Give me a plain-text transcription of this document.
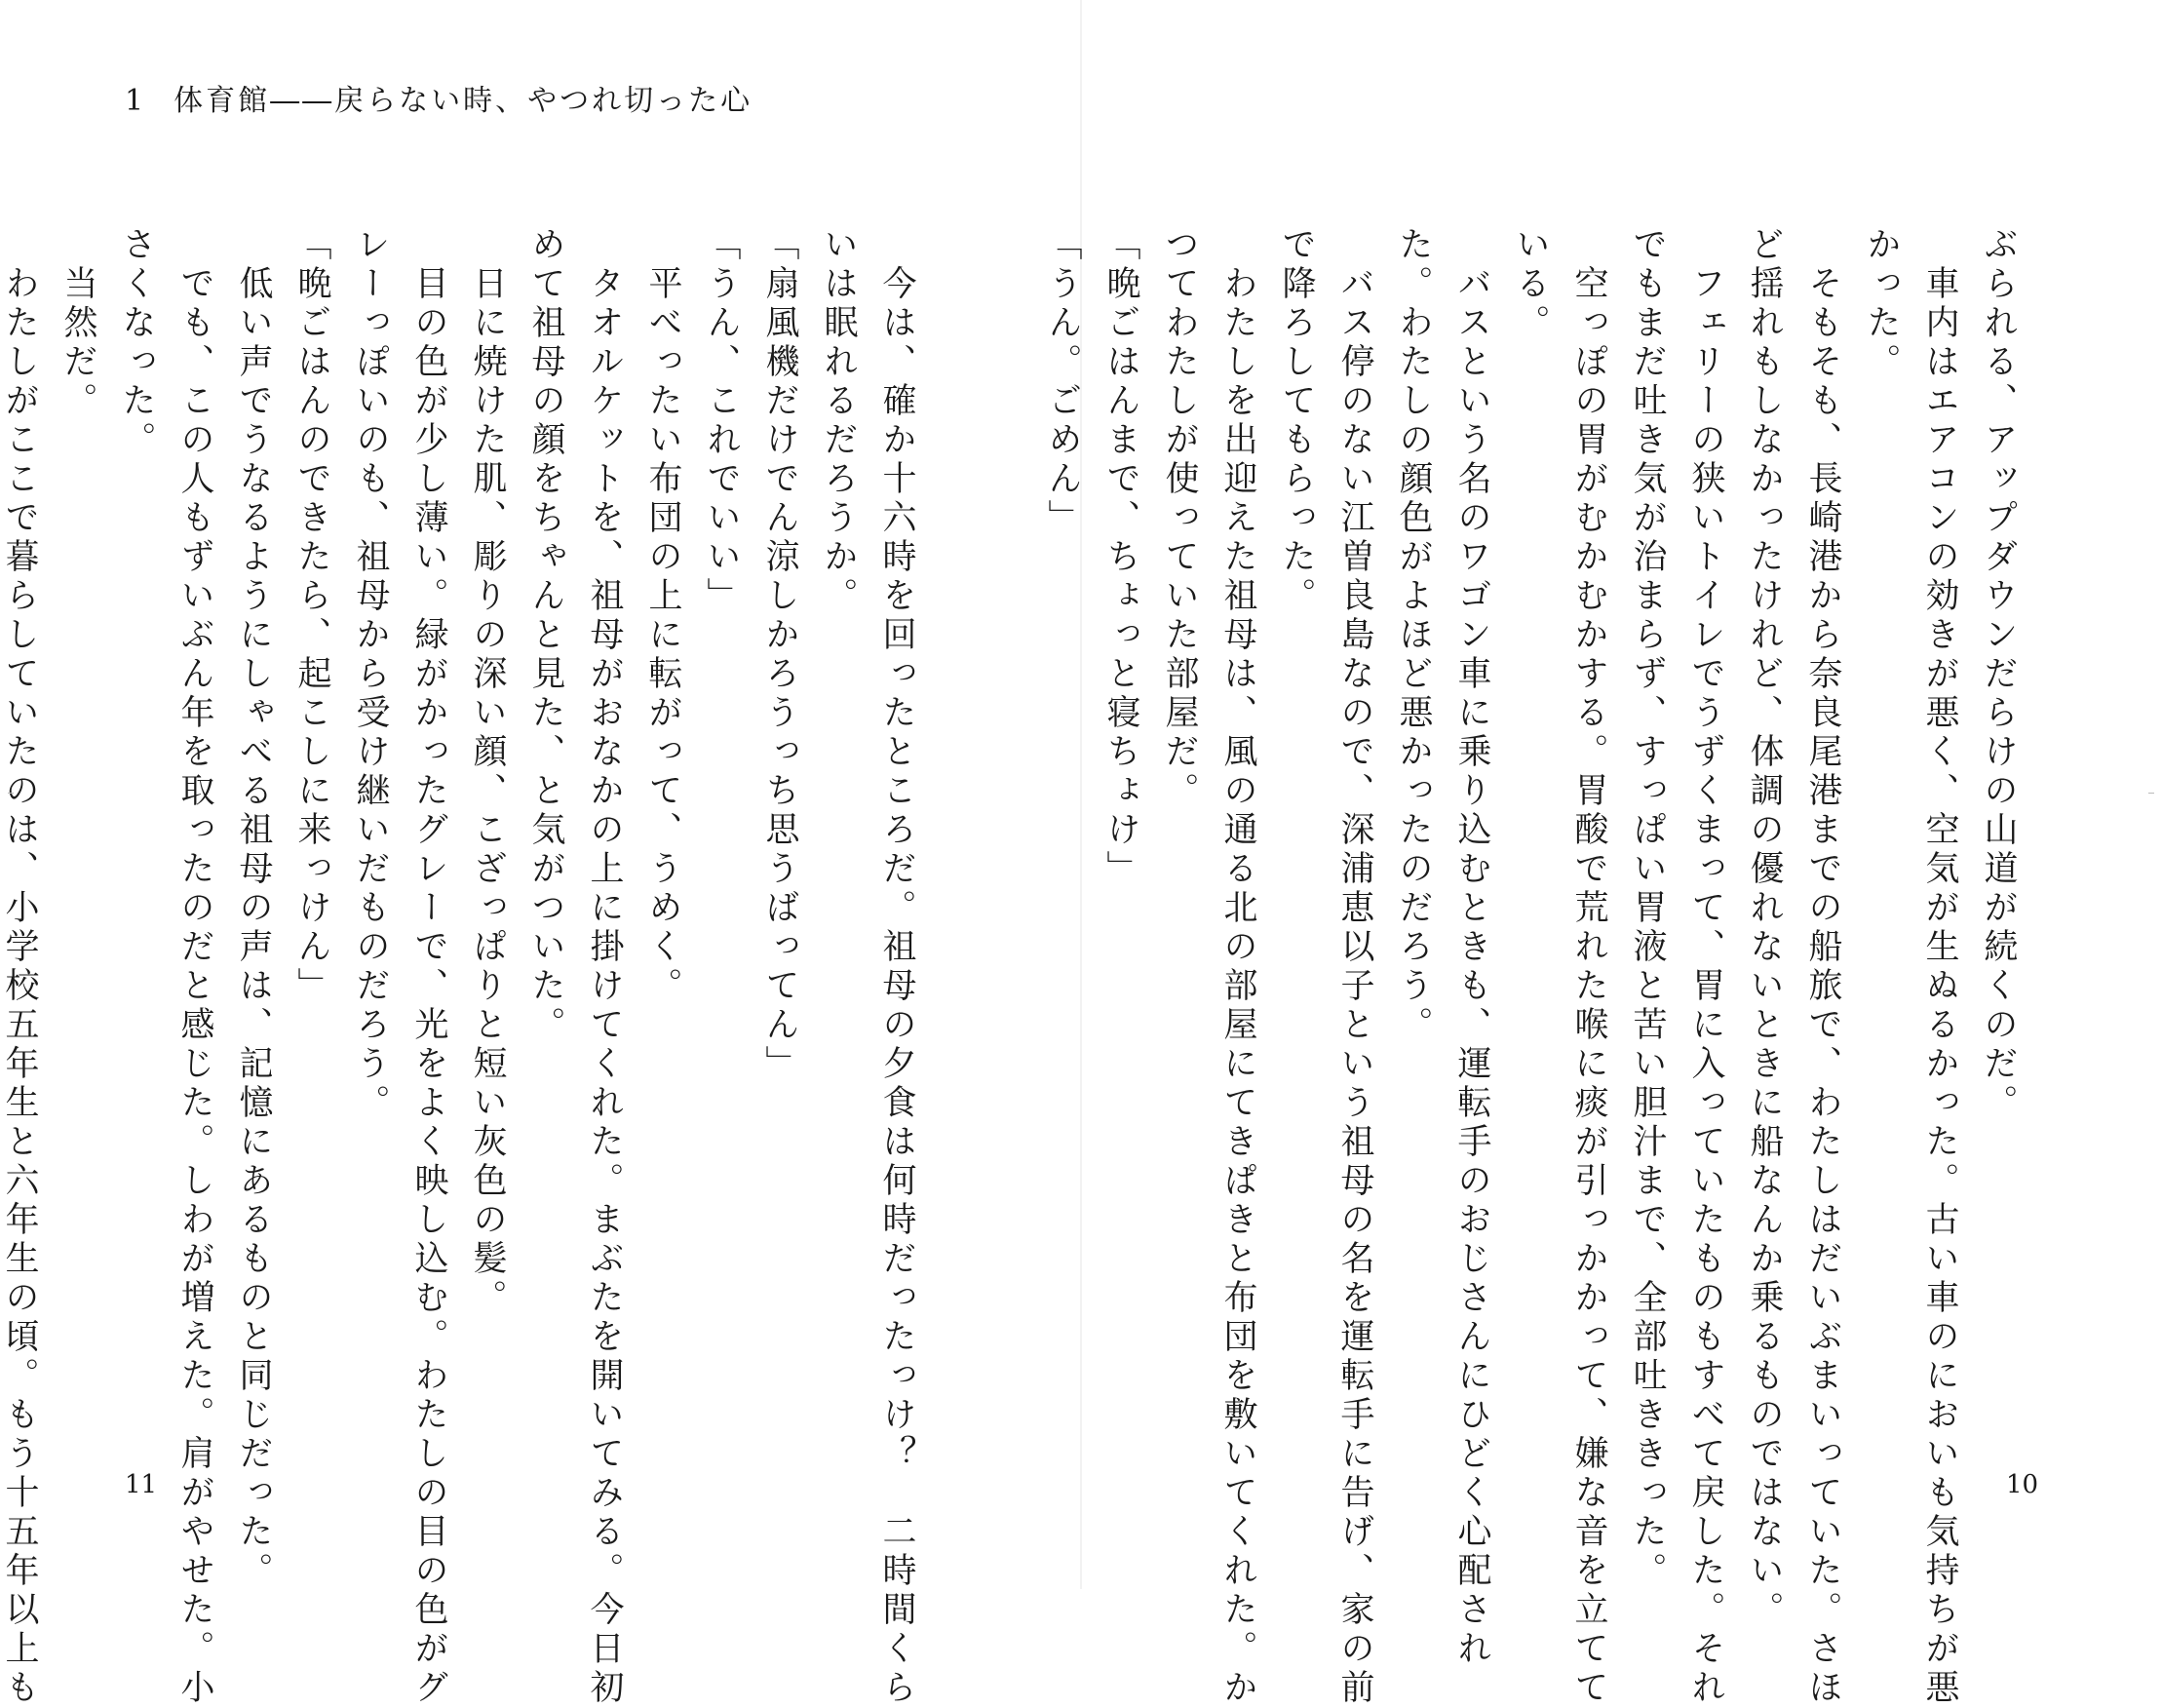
1 体育館――戻らない時、やつれ切った心
ぶられる、アップダウンだらけの山道が続くのだ。
　車内はエアコンの効きが悪く、空気が生ぬるかった。古い車のにおいも気持ちが悪
かった。
　そもそも、長崎港から奈良尾港までの船旅で、わたしはだいぶまいっていた。さほ
ど揺れもしなかったけれど、体調の優れないときに船なんか乗るものではない。
　フェリーの狭いトイレでうずくまって、胃に入っていたものもすべて戻した。それ
でもまだ吐き気が治まらず、すっぱい胃液と苦い胆汁まで、全部吐ききった。
　空っぽの胃がむかむかする。胃酸で荒れた喉に痰が引っかかって、嫌な音を立てて
いる。
　バスという名のワゴン車に乗り込むときも、運転手のおじさんにひどく心配され
た。わたしの顔色がよほど悪かったのだろう。
　バス停のない江曽良島なので、深浦恵以子という祖母の名を運転手に告げ、家の前
で降ろしてもらった。
　わたしを出迎えた祖母は、風の通る北の部屋にてきぱきと布団を敷いてくれた。か
つてわたしが使っていた部屋だ。
「晩ごはんまで、ちょっと寝ちょけ」
「うん。ごめん」
　今は、確か十六時を回ったところだ。祖母の夕食は何時だったっけ？　二時間くら
いは眠れるだろうか。
「扇風機だけでん涼しかろうっち思うばってん」
「うん、これでいい」
　平べったい布団の上に転がって、うめく。
　タオルケットを、祖母がおなかの上に掛けてくれた。まぶたを開いてみる。今日初
めて祖母の顔をちゃんと見た、と気がついた。
　日に焼けた肌、彫りの深い顔、こざっぱりと短い灰色の髪。
　目の色が少し薄い。緑がかったグレーで、光をよく映し込む。わたしの目の色がグ
レーっぽいのも、祖母から受け継いだものだろう。
「晩ごはんのできたら、起こしに来っけん」
　低い声でうなるようにしゃべる祖母の声は、記憶にあるものと同じだった。
　でも、この人もずいぶん年を取ったのだと感じた。しわが増えた。肩がやせた。小
さくなった。
　当然だ。
　わたしがここで暮らしていたのは、小学校五年生と六年生の頃。もう十五年以上も	11	10
